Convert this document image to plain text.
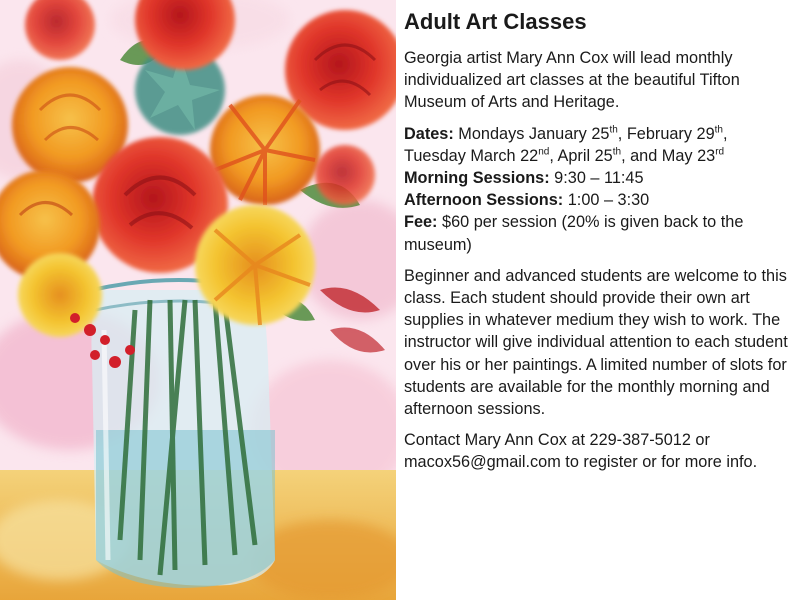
Adult Art Classes

Georgia artist Mary Ann Cox will lead monthly individualized art classes at the beautiful Tifton Museum of Arts and Heritage.

Dates: Mondays January 25th, February 29th, Tuesday March 22nd, April 25th, and May 23rd
Morning Sessions: 9:30 – 11:45
Afternoon Sessions: 1:00 – 3:30
Fee: $60 per session (20% is given back to the museum)

Beginner and advanced students are welcome to this class. Each student should provide their own art supplies in whatever medium they wish to work. The instructor will give individual attention to each student over his or her paintings. A limited number of slots for students are available for the monthly morning and afternoon sessions.

Contact Mary Ann Cox at 229-387-5012 or macox56@gmail.com to register or for more info.
